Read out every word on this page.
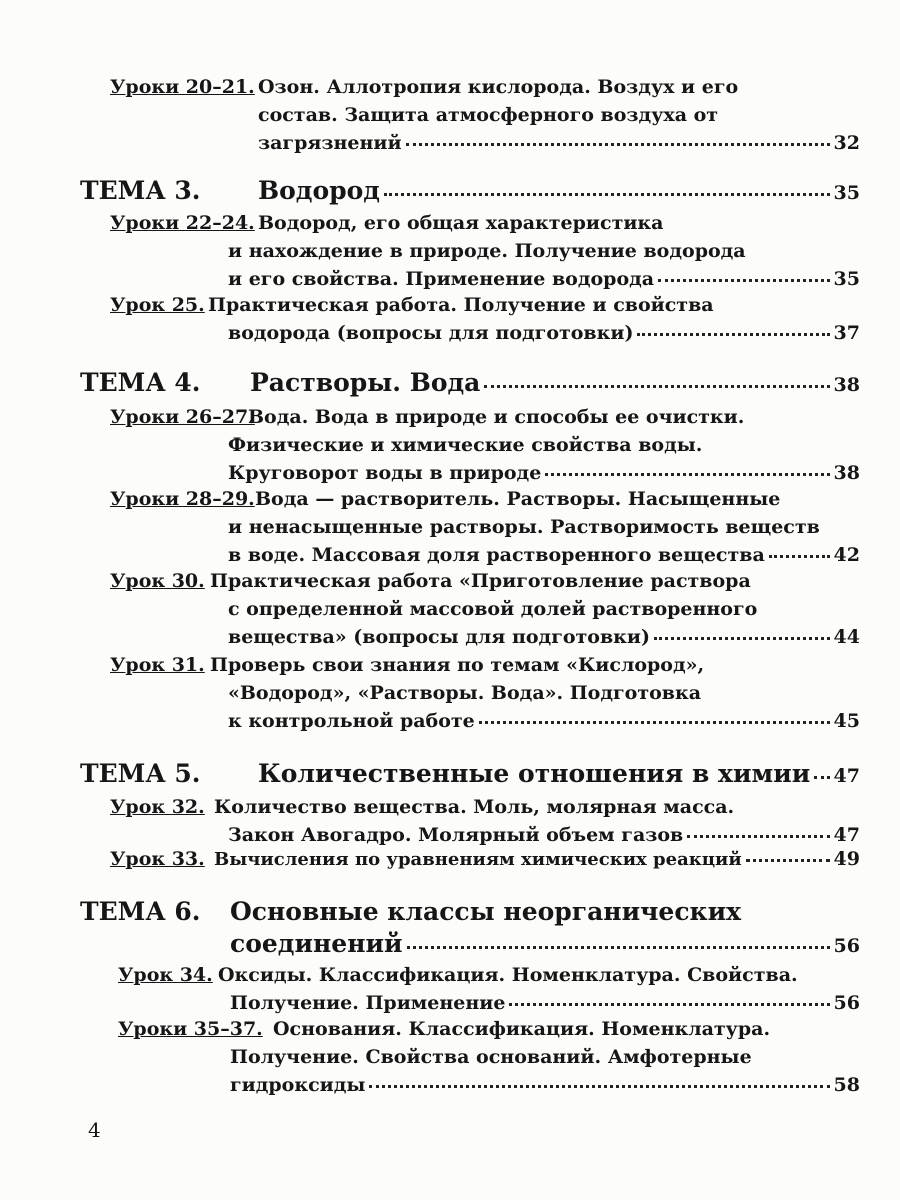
Уроки 20–21. Озон. Аллотропия кислорода. Воздух и его
состав. Защита атмосферного воздуха от
загрязнений	32
ТЕМА 3. Водород	35
Уроки 22–24. Водород, его общая характеристика
и нахождение в природе. Получение водорода
и его свойства. Применение водорода	35
Урок 25. Практическая работа. Получение и свойства
водорода (вопросы для подготовки)	37
ТЕМА 4. Растворы. Вода	38
Уроки 26–27.
Вода. Вода в природе и способы ее очистки.
Физические и химические свойства воды.
Круговорот воды в природе	38
Уроки 28–29. Вода — растворитель. Растворы. Насыщенные
и ненасыщенные растворы. Растворимость веществ
в воде. Массовая доля растворенного вещества	42
Урок 30. Практическая работа «Приготовление раствора
с определенной массовой долей растворенного
вещества» (вопросы для подготовки)	44
Урок 31. Проверь свои знания по темам «Кислород»,
«Водород», «Растворы. Вода». Подготовка
к контрольной работе	45
ТЕМА 5. Количественные отношения в химии 47
Урок 32. Количество вещества. Моль, молярная масса.
Закон Авогадро. Молярный объем газов	47
Урок 33. Вычисления по уравнениям химических реакций	49
ТЕМА 6. Основные классы неорганических
соединений	56
Урок 34. Оксиды. Классификация. Номенклатура. Свойства.
Получение. Применение	56
Уроки 35–37. Основания. Классификация. Номенклатура.
Получение. Свойства оснований. Амфотерные
гидроксиды	58
4
